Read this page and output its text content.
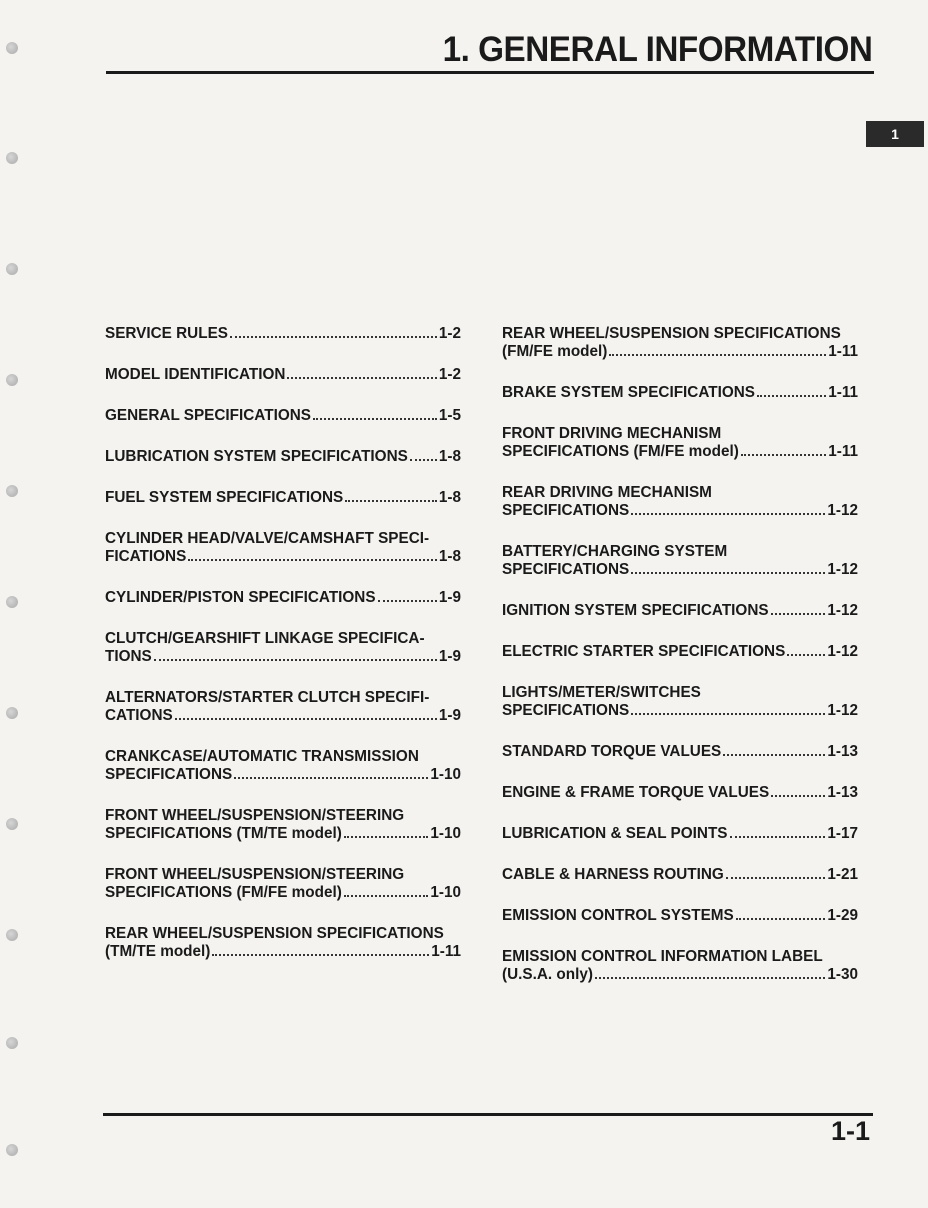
1. GENERAL INFORMATION
1
SERVICE RULES	1-2
MODEL IDENTIFICATION	1-2
GENERAL SPECIFICATIONS	1-5
LUBRICATION SYSTEM SPECIFICATIONS 1-8
FUEL SYSTEM SPECIFICATIONS	1-8
CYLINDER HEAD/VALVE/CAMSHAFT SPECI-
FICATIONS	1-8
CYLINDER/PISTON SPECIFICATIONS	1-9
CLUTCH/GEARSHIFT LINKAGE SPECIFICA-
TIONS	1-9
ALTERNATORS/STARTER CLUTCH SPECIFI-
CATIONS	1-9
CRANKCASE/AUTOMATIC TRANSMISSION
SPECIFICATIONS	1-10
FRONT WHEEL/SUSPENSION/STEERING
SPECIFICATIONS (TM/TE model)	1-10
FRONT WHEEL/SUSPENSION/STEERING
SPECIFICATIONS (FM/FE model)	1-10
REAR WHEEL/SUSPENSION SPECIFICATIONS
(TM/TE model)	1-11
REAR WHEEL/SUSPENSION SPECIFICATIONS
(FM/FE model)	1-11
BRAKE SYSTEM SPECIFICATIONS	1-11
FRONT DRIVING MECHANISM
SPECIFICATIONS (FM/FE model)	1-11
REAR DRIVING MECHANISM
SPECIFICATIONS	1-12
BATTERY/CHARGING SYSTEM
SPECIFICATIONS	1-12
IGNITION SYSTEM SPECIFICATIONS	1-12
ELECTRIC STARTER SPECIFICATIONS	1-12
LIGHTS/METER/SWITCHES
SPECIFICATIONS	1-12
STANDARD TORQUE VALUES	1-13
ENGINE & FRAME TORQUE VALUES	1-13
LUBRICATION & SEAL POINTS	1-17
CABLE & HARNESS ROUTING	1-21
EMISSION CONTROL SYSTEMS	1-29
EMISSION CONTROL INFORMATION LABEL
(U.S.A. only)	1-30
1-1
